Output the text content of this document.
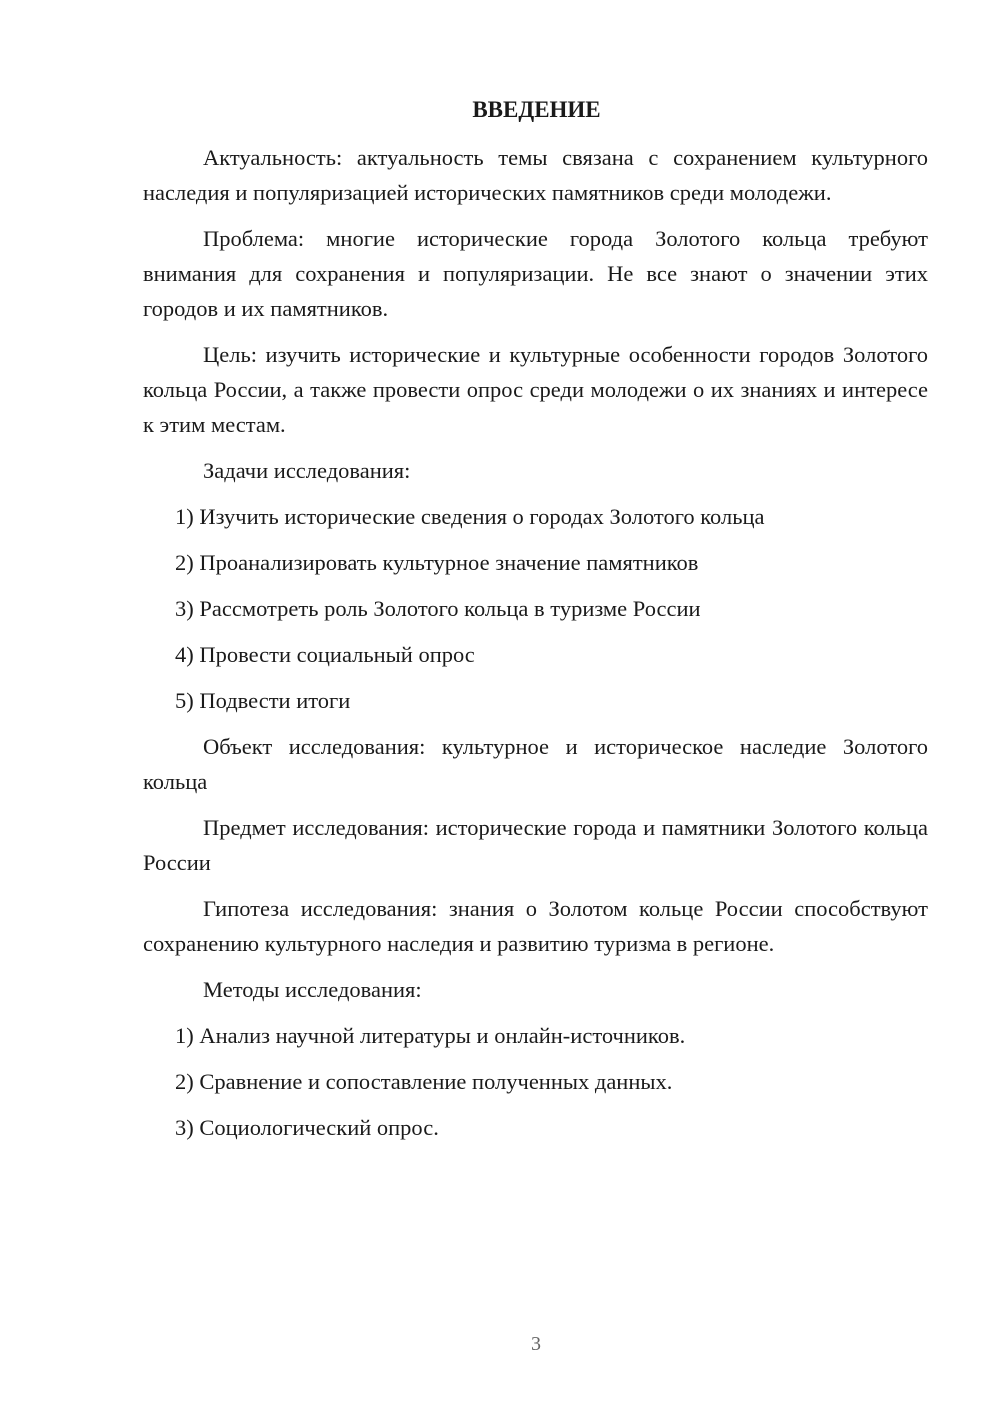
ВВЕДЕНИЕ

Актуальность: актуальность темы связана с сохранением культурного наследия и популяризацией исторических памятников среди молодежи.

Проблема: многие исторические города Золотого кольца требуют внимания для сохранения и популяризации. Не все знают о значении этих городов и их памятников.

Цель: изучить исторические и культурные особенности городов Золотого кольца России, а также провести опрос среди молодежи о их знаниях и интересе к этим местам.

Задачи исследования:

1) Изучить исторические сведения о городах Золотого кольца

2) Проанализировать культурное значение памятников

3) Рассмотреть роль Золотого кольца в туризме России

4) Провести социальный опрос

5) Подвести итоги

Объект исследования: культурное и историческое наследие Золотого кольца

Предмет исследования: исторические города и памятники Золотого кольца России

Гипотеза исследования: знания о Золотом кольце России способствуют сохранению культурного наследия и развитию туризма в регионе.

Методы исследования:

1) Анализ научной литературы и онлайн-источников.

2) Сравнение и сопоставление полученных данных.

3) Социологический опрос.

3
